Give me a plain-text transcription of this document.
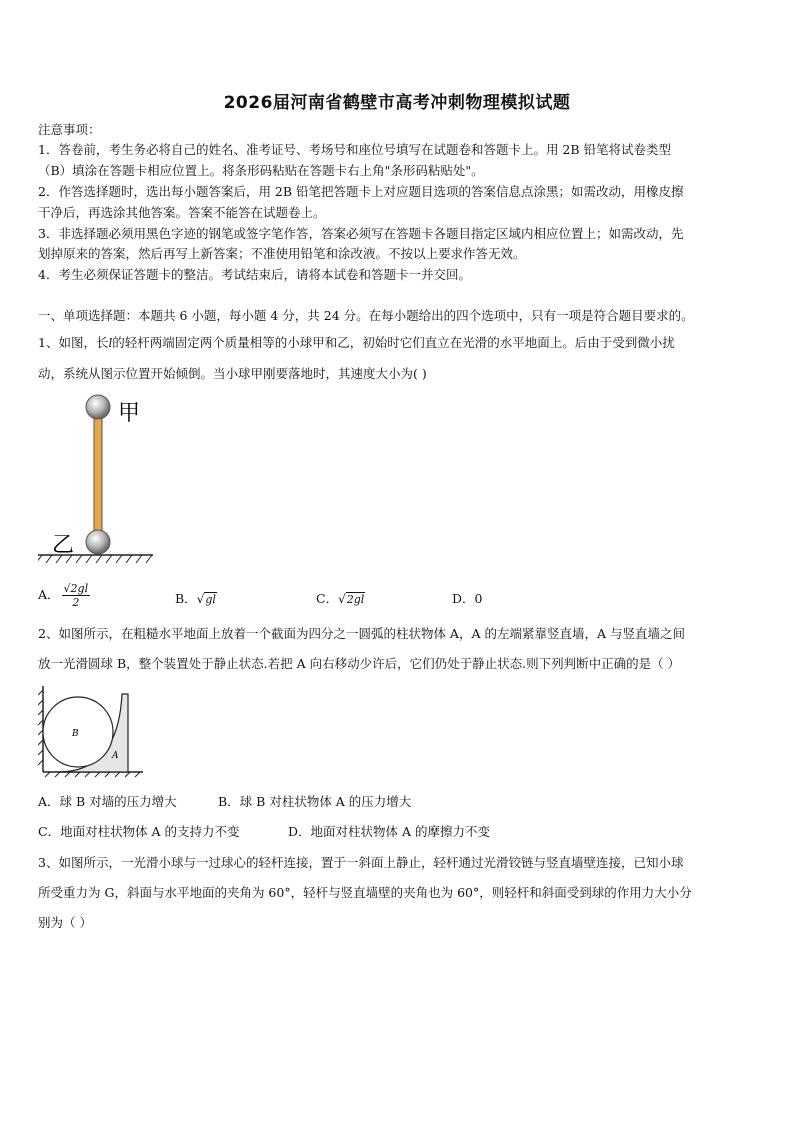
2026届河南省鹤壁市高考冲刺物理模拟试题
注意事项：
1．答卷前，考生务必将自己的姓名、准考证号、考场号和座位号填写在试题卷和答题卡上。用 2B 铅笔将试卷类型
（B）填涂在答题卡相应位置上。将条形码粘贴在答题卡右上角"条形码粘贴处"。
2．作答选择题时，选出每小题答案后，用 2B 铅笔把答题卡上对应题目选项的答案信息点涂黑；如需改动，用橡皮擦
干净后，再选涂其他答案。答案不能答在试题卷上。
3．非选择题必须用黑色字迹的钢笔或签字笔作答，答案必须写在答题卡各题目指定区域内相应位置上；如需改动，先
划掉原来的答案，然后再写上新答案；不准使用铅笔和涂改液。不按以上要求作答无效。
4．考生必须保证答题卡的整洁。考试结束后，请将本试卷和答题卡一并交回。
一、单项选择题：本题共 6 小题，每小题 4 分，共 24 分。在每小题给出的四个选项中，只有一项是符合题目要求的。
1、如图，长l的轻杆两端固定两个质量相等的小球甲和乙，初始时它们直立在光滑的水平地面上。后由于受到微小扰
动，系统从图示位置开始倾倒。当小球甲刚要落地时，其速度大小为( )
甲
乙
A． $\frac{√2gl}{2}$	B．√gl	C．√2gl	D．0
2、如图所示，在粗糙水平地面上放着一个截面为四分之一圆弧的柱状物体 A，A 的左端紧靠竖直墙，A 与竖直墙之间
放一光滑圆球 B，整个装置处于静止状态.若把 A 向右移动少许后，它们仍处于静止状态.则下列判断中正确的是（ ）
B
A
A．球 B 对墙的压力增大	B．球 B 对柱状物体 A 的压力增大
C．地面对柱状物体 A 的支持力不变	D．地面对柱状物体 A 的摩擦力不变
3、如图所示，一光滑小球与一过球心的轻杆连接，置于一斜面上静止，轻杆通过光滑铰链与竖直墙壁连接，已知小球
所受重力为 G，斜面与水平地面的夹角为 60°，轻杆与竖直墙壁的夹角也为 60°，则轻杆和斜面受到球的作用力大小分
别为（ ）
